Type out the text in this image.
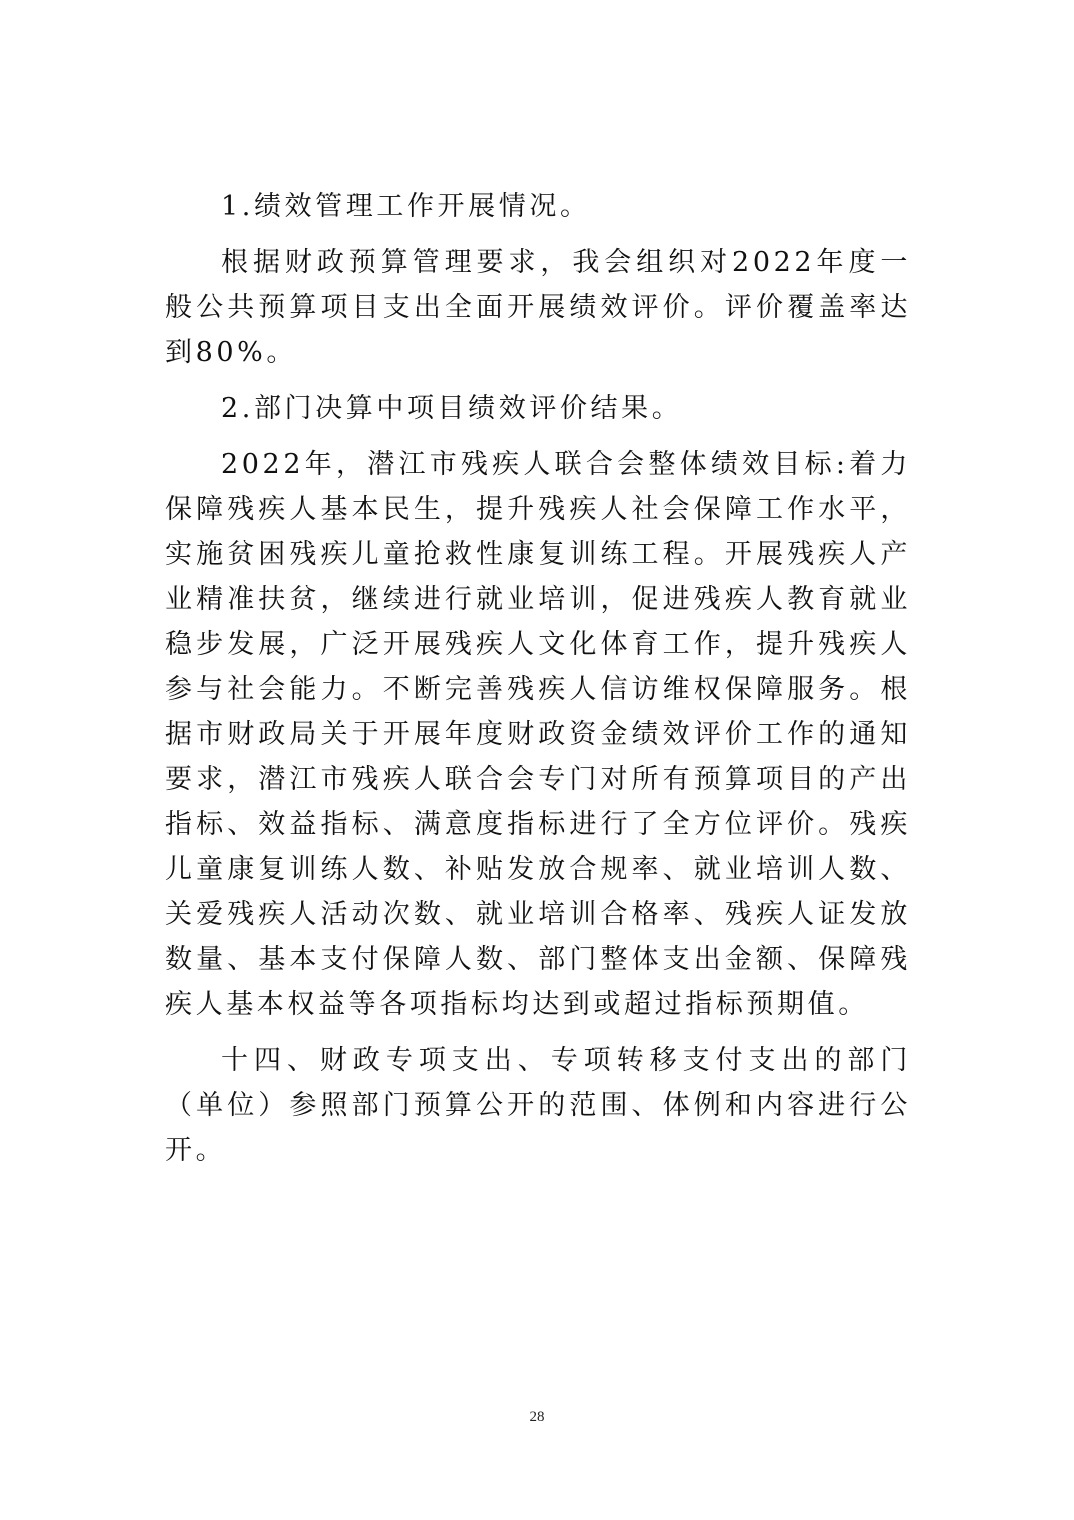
1.绩效管理工作开展情况。

根据财政预算管理要求，我会组织对2022年度一般公共预算项目支出全面开展绩效评价。评价覆盖率达到80%。

2.部门决算中项目绩效评价结果。

2022年，潜江市残疾人联合会整体绩效目标:着力保障残疾人基本民生，提升残疾人社会保障工作水平，实施贫困残疾儿童抢救性康复训练工程。开展残疾人产业精准扶贫，继续进行就业培训，促进残疾人教育就业稳步发展，广泛开展残疾人文化体育工作，提升残疾人参与社会能力。不断完善残疾人信访维权保障服务。根据市财政局关于开展年度财政资金绩效评价工作的通知要求，潜江市残疾人联合会专门对所有预算项目的产出指标、效益指标、满意度指标进行了全方位评价。残疾儿童康复训练人数、补贴发放合规率、就业培训人数、关爱残疾人活动次数、就业培训合格率、残疾人证发放数量、基本支付保障人数、部门整体支出金额、保障残疾人基本权益等各项指标均达到或超过指标预期值。

十四、财政专项支出、专项转移支付支出的部门（单位）参照部门预算公开的范围、体例和内容进行公开。

28
